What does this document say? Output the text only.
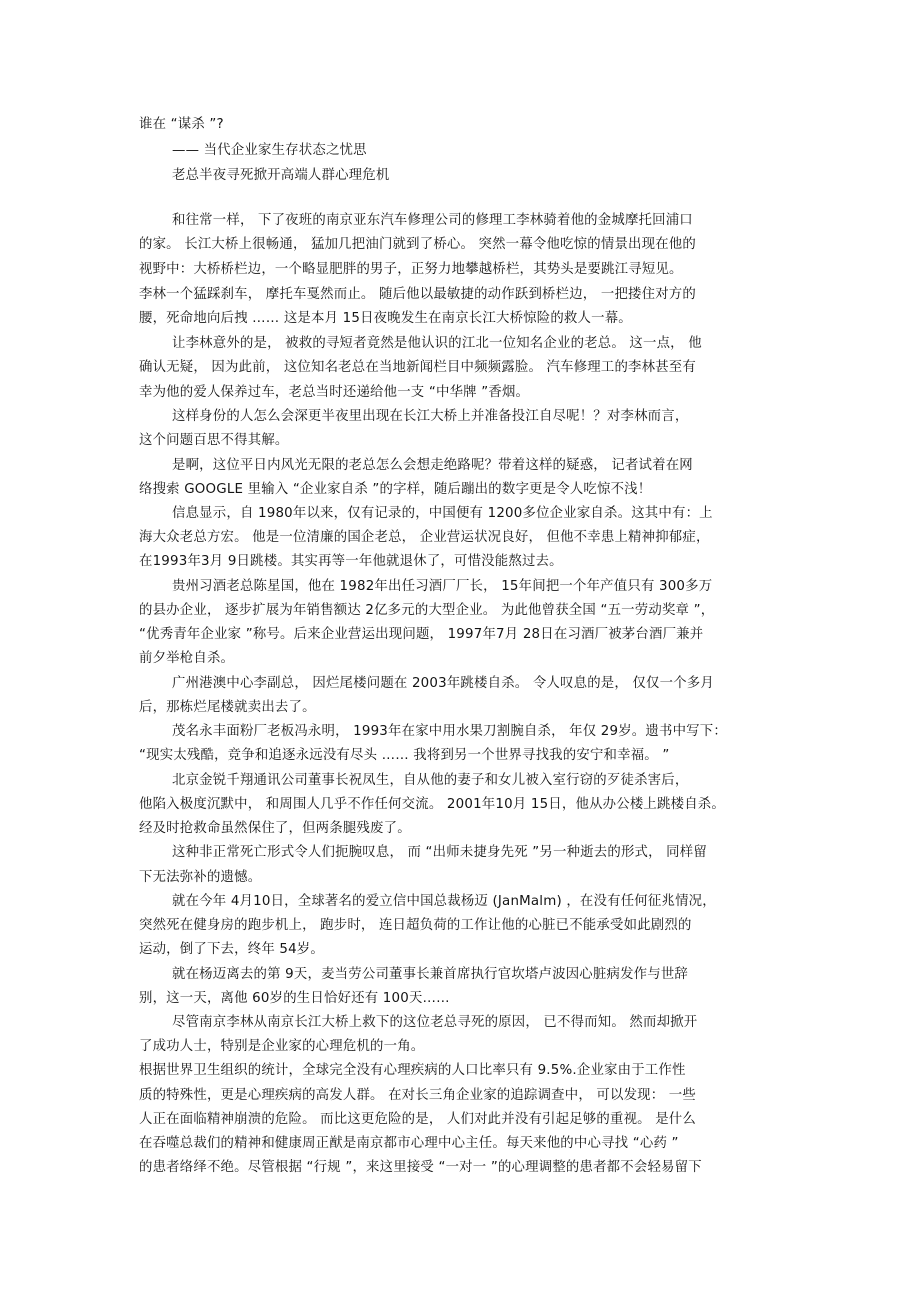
谁在 “谋杀 ”?
—— 当代企业家生存状态之忧思
老总半夜寻死掀开高端人群心理危机
和往常一样， 下了夜班的南京亚东汽车修理公司的修理工李林骑着他的金城摩托回浦口
的家。 长江大桥上很畅通， 猛加几把油门就到了桥心。 突然一幕令他吃惊的情景出现在他的
视野中：大桥桥栏边，一个略显肥胖的男子，正努力地攀越桥栏，其势头是要跳江寻短见。
李林一个猛踩刹车， 摩托车戛然而止。 随后他以最敏捷的动作跃到桥栏边， 一把搂住对方的
腰，死命地向后拽 …… 这是本月 15日夜晚发生在南京长江大桥惊险的救人一幕。
让李林意外的是， 被救的寻短者竟然是他认识的江北一位知名企业的老总。 这一点， 他
确认无疑， 因为此前， 这位知名老总在当地新闻栏目中频频露脸。 汽车修理工的李林甚至有
幸为他的爱人保养过车，老总当时还递给他一支 “中华牌 ”香烟。
这样身份的人怎么会深更半夜里出现在长江大桥上并准备投江自尽呢！？对李林而言，
这个问题百思不得其解。
是啊，这位平日内风光无限的老总怎么会想走绝路呢？带着这样的疑惑， 记者试着在网
络搜索 GOOGLE 里输入 “企业家自杀 ”的字样，随后蹦出的数字更是令人吃惊不浅！
信息显示，自 1980年以来，仅有记录的，中国便有 1200多位企业家自杀。这其中有：上
海大众老总方宏。 他是一位清廉的国企老总， 企业营运状况良好， 但他不幸患上精神抑郁症，
在1993年3月 9日跳楼。其实再等一年他就退休了，可惜没能熬过去。
贵州习酒老总陈星国，他在 1982年出任习酒厂厂长， 15年间把一个年产值只有 300多万
的县办企业， 逐步扩展为年销售额达 2亿多元的大型企业。 为此他曾获全国 “五一劳动奖章 ”，
“优秀青年企业家 ”称号。后来企业营运出现问题， 1997年7月 28日在习酒厂被茅台酒厂兼并
前夕举枪自杀。
广州港澳中心李副总， 因烂尾楼问题在 2003年跳楼自杀。 令人叹息的是， 仅仅一个多月
后，那栋烂尾楼就卖出去了。
茂名永丰面粉厂老板冯永明， 1993年在家中用水果刀割腕自杀， 年仅 29岁。遗书中写下：
“现实太残酷，竞争和追逐永远没有尽头 …… 我将到另一个世界寻找我的安宁和幸福。 ”
北京金锐千翔通讯公司董事长祝凤生，自从他的妻子和女儿被入室行窃的歹徒杀害后，
他陷入极度沉默中， 和周围人几乎不作任何交流。 2001年10月 15日，他从办公楼上跳楼自杀。
经及时抢救命虽然保住了，但两条腿残废了。
这种非正常死亡形式令人们扼腕叹息， 而 “出师未捷身先死 ”另一种逝去的形式， 同样留
下无法弥补的遗憾。
就在今年 4月10日，全球著名的爱立信中国总裁杨迈 (JanMalm) ，在没有任何征兆情况，
突然死在健身房的跑步机上， 跑步时， 连日超负荷的工作让他的心脏已不能承受如此剧烈的
运动，倒了下去，终年 54岁。
就在杨迈离去的第 9天，麦当劳公司董事长兼首席执行官坎塔卢波因心脏病发作与世辞
别，这一天，离他 60岁的生日恰好还有 100天……
尽管南京李林从南京长江大桥上救下的这位老总寻死的原因， 已不得而知。 然而却掀开
了成功人士，特别是企业家的心理危机的一角。
根据世界卫生组织的统计，全球完全没有心理疾病的人口比率只有 9.5%.企业家由于工作性
质的特殊性，更是心理疾病的高发人群。 在对长三角企业家的追踪调查中， 可以发现： 一些
人正在面临精神崩溃的危险。 而比这更危险的是， 人们对此并没有引起足够的重视。 是什么
在吞噬总裁们的精神和健康周正猷是南京都市心理中心主任。每天来他的中心寻找 “心药 ”
的患者络绎不绝。尽管根据 “行规 ”，来这里接受 “一对一 ”的心理调整的患者都不会轻易留下
